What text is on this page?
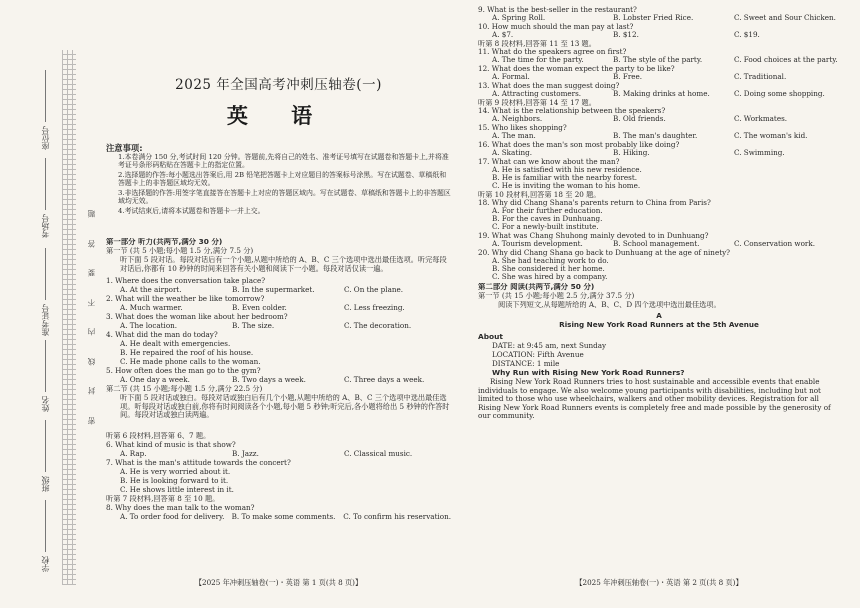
题
答
要
不
内
线
封
密
座位号
考场号
准考证号
姓名
班级
学校
2025 年全国高考冲刺压轴卷(一)
英 语
注意事项:
1.本卷满分 150 分,考试时间 120 分钟。答题前,先将自己的姓名、准考证号填写在试题卷和答题卡上,并将准考证号条形码粘贴在答题卡上的指定位置。
2.选择题的作答:每小题选出答案后,用 2B 铅笔把答题卡上对应题目的答案标号涂黑。写在试题卷、草稿纸和答题卡上的非答题区域均无效。
3.非选择题的作答:用签字笔直接答在答题卡上对应的答题区域内。写在试题卷、草稿纸和答题卡上的非答题区域均无效。
4.考试结束后,请将本试题卷和答题卡一并上交。
第一部分 听力(共两节,满分 30 分)
第一节 (共 5 小题;每小题 1.5 分,满分 7.5 分)
听下面 5 段对话。每段对话后有一个小题,从题中所给的 A、B、C 三个选项中选出最佳选项。听完每段对话后,你都有 10 秒钟的时间来回答有关小题和阅读下一小题。每段对话仅读一遍。
1. Where does the conversation take place?
A. At the airport.	B. In the supermarket.	C. On the plane.
2. What will the weather be like tomorrow?
A. Much warmer.	B. Even colder.	C. Less freezing.
3. What does the woman like about her bedroom?
A. The location.	B. The size.	C. The decoration.
4. What did the man do today?
A. He dealt with emergencies.
B. He repaired the roof of his house.
C. He made phone calls to the woman.
5. How often does the man go to the gym?
A. One day a week.	B. Two days a week.	C. Three days a week.
第二节 (共 15 小题;每小题 1.5 分,满分 22.5 分)
听下面 5 段对话或独白。每段对话或独白后有几个小题,从题中所给的 A、B、C 三个选项中选出最佳选项。听每段对话或独白前,你将有时间阅读各个小题,每小题 5 秒钟;听完后,各小题将给出 5 秒钟的作答时间。每段对话或独白读两遍。
听第 6 段材料,回答第 6、7 题。
6. What kind of music is that show?
A. Rap.	B. Jazz.	C. Classical music.
7. What is the man's attitude towards the concert?
A. He is very worried about it.
B. He is looking forward to it.
C. He shows little interest in it.
听第 7 段材料,回答第 8 至 10 题。
8. Why does the man talk to the woman?
A. To order food for delivery. B. To make some comments.	C. To confirm his reservation.
【2025 年冲刺压轴卷(一)・英语 第 1 页(共 8 页)】
9. What is the best-seller in the restaurant?
A. Spring Roll.	B. Lobster Fried Rice.	C. Sweet and Sour Chicken.
10. How much should the man pay at last?
A. $7.	B. $12.	C. $19.
听第 8 段材料,回答第 11 至 13 题。
11. What do the speakers agree on first?
A. The time for the party.	B. The style of the party.	C. Food choices at the party.
12. What does the woman expect the party to be like?
A. Formal.	B. Free.	C. Traditional.
13. What does the man suggest doing?
A. Attracting customers.	B. Making drinks at home.	C. Doing some shopping.
听第 9 段材料,回答第 14 至 17 题。
14. What is the relationship between the speakers?
A. Neighbors.	B. Old friends.	C. Workmates.
15. Who likes shopping?
A. The man.	B. The man's daughter.	C. The woman's kid.
16. What does the man's son most probably like doing?
A. Skating.	B. Hiking.	C. Swimming.
17. What can we know about the man?
A. He is satisfied with his new residence.
B. He is familiar with the nearby forest.
C. He is inviting the woman to his home.
听第 10 段材料,回答第 18 至 20 题。
18. Why did Chang Shana's parents return to China from Paris?
A. For their further education.
B. For the caves in Dunhuang.
C. For a newly-built institute.
19. What was Chang Shuhong mainly devoted to in Dunhuang?
A. Tourism development.	B. School management.	C. Conservation work.
20. Why did Chang Shana go back to Dunhuang at the age of ninety?
A. She had teaching work to do.
B. She considered it her home.
C. She was hired by a company.
第二部分 阅读(共两节,满分 50 分)
第一节 (共 15 小题;每小题 2.5 分,满分 37.5 分)
阅读下列短文,从每题所给的 A、B、C、D 四个选项中选出最佳选项。
A
Rising New York Road Runners at the 5th Avenue
About
DATE: at 9:45 am, next Sunday
LOCATION: Fifth Avenue
DISTANCE: 1 mile
Why Run with Rising New York Road Runners?
Rising New York Road Runners tries to host sustainable and accessible events that enable individuals to engage. We also welcome young participants with disabilities, including but not limited to those who use wheelchairs, walkers and other mobility devices. Registration for all Rising New York Road Runners events is completely free and made possible by the generosity of our community.
【2025 年冲刺压轴卷(一)・英语 第 2 页(共 8 页)】
